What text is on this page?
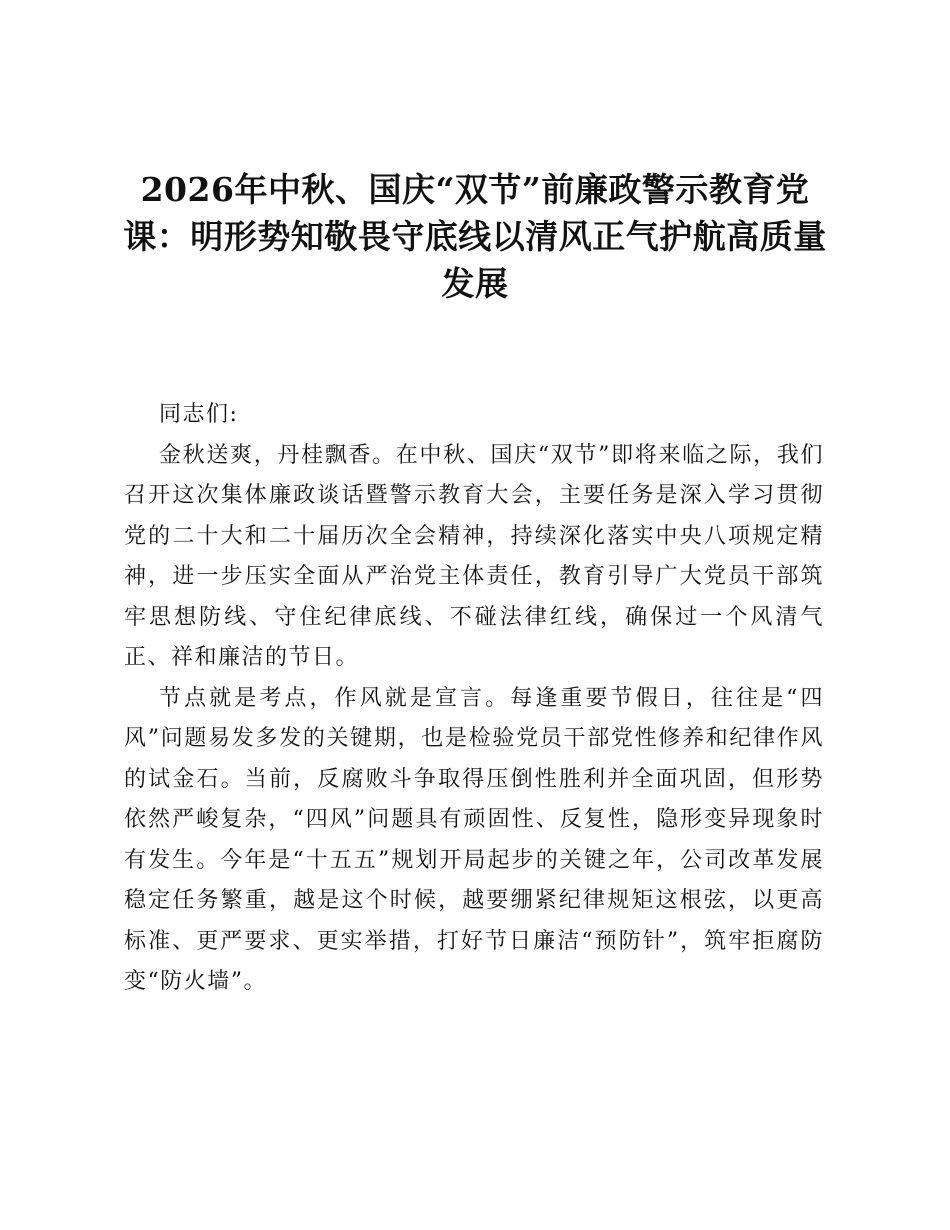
2026年中秋、国庆“双节”前廉政警示教育党课：明形势知敬畏守底线以清风正气护航高质量发展

同志们:

金秋送爽，丹桂飘香。在中秋、国庆“双节”即将来临之际，我们召开这次集体廉政谈话暨警示教育大会，主要任务是深入学习贯彻党的二十大和二十届历次全会精神，持续深化落实中央八项规定精神，进一步压实全面从严治党主体责任，教育引导广大党员干部筑牢思想防线、守住纪律底线、不碰法律红线，确保过一个风清气正、祥和廉洁的节日。

节点就是考点，作风就是宣言。每逢重要节假日，往往是“四风”问题易发多发的关键期，也是检验党员干部党性修养和纪律作风的试金石。当前，反腐败斗争取得压倒性胜利并全面巩固，但形势依然严峻复杂，“四风”问题具有顽固性、反复性，隐形变异现象时有发生。今年是“十五五”规划开局起步的关键之年，公司改革发展稳定任务繁重，越是这个时候，越要绷紧纪律规矩这根弦，以更高标准、更严要求、更实举措，打好节日廉洁“预防针”，筑牢拒腐防变“防火墙”。
